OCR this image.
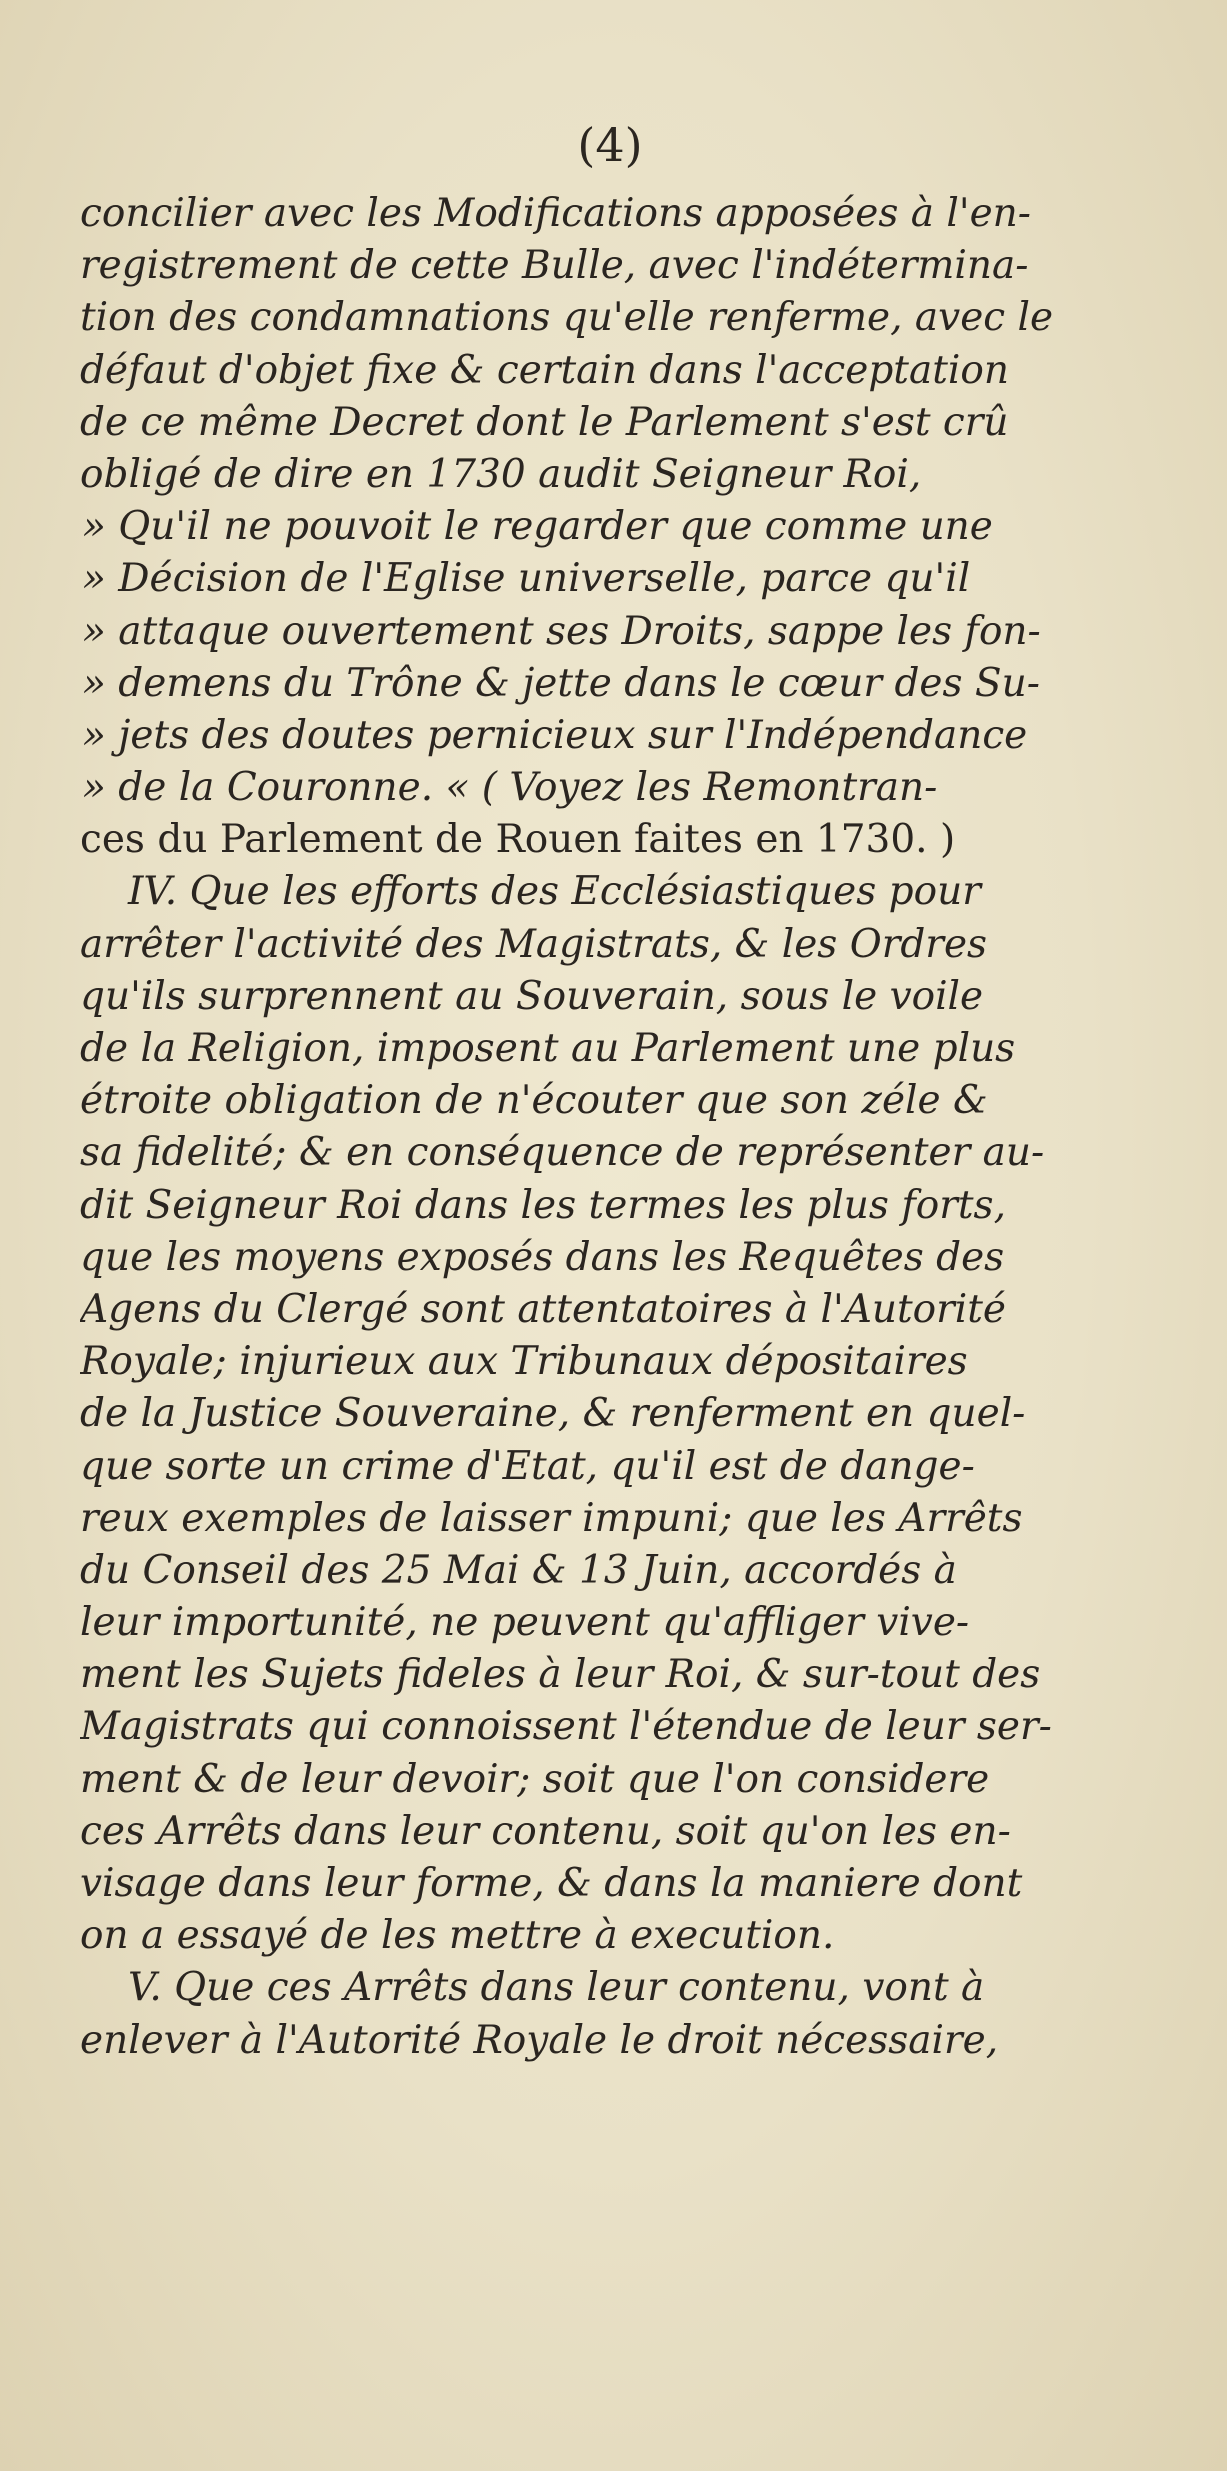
(4)
concilier avec les Modifications apposées à l'en-
registrement de cette Bulle, avec l'indétermina-
tion des condamnations qu'elle renferme, avec le
défaut d'objet fixe & certain dans l'acceptation
de ce même Decret dont le Parlement s'est crû
obligé de dire en 1730 audit Seigneur Roi,
» Qu'il ne pouvoit le regarder que comme une
» Décision de l'Eglise universelle, parce qu'il
» attaque ouvertement ses Droits, sappe les fon-
» demens du Trône & jette dans le cœur des Su-
» jets des doutes pernicieux sur l'Indépendance
» de la Couronne. « ( Voyez les Remontran-
ces du Parlement de Rouen faites en 1730. )
IV. Que les efforts des Ecclésiastiques pour
arrêter l'activité des Magistrats, & les Ordres
qu'ils surprennent au Souverain, sous le voile
de la Religion, imposent au Parlement une plus
étroite obligation de n'écouter que son zéle &
sa fidelité; & en conséquence de représenter au-
dit Seigneur Roi dans les termes les plus forts,
que les moyens exposés dans les Requêtes des
Agens du Clergé sont attentatoires à l'Autorité
Royale; injurieux aux Tribunaux dépositaires
de la Justice Souveraine, & renferment en quel-
que sorte un crime d'Etat, qu'il est de dange-
reux exemples de laisser impuni; que les Arrêts
du Conseil des 25 Mai & 13 Juin, accordés à
leur importunité, ne peuvent qu'affliger vive-
ment les Sujets fideles à leur Roi, & sur-tout des
Magistrats qui connoissent l'étendue de leur ser-
ment & de leur devoir; soit que l'on considere
ces Arrêts dans leur contenu, soit qu'on les en-
visage dans leur forme, & dans la maniere dont
on a essayé de les mettre à execution.
V. Que ces Arrêts dans leur contenu, vont à
enlever à l'Autorité Royale le droit nécessaire,
